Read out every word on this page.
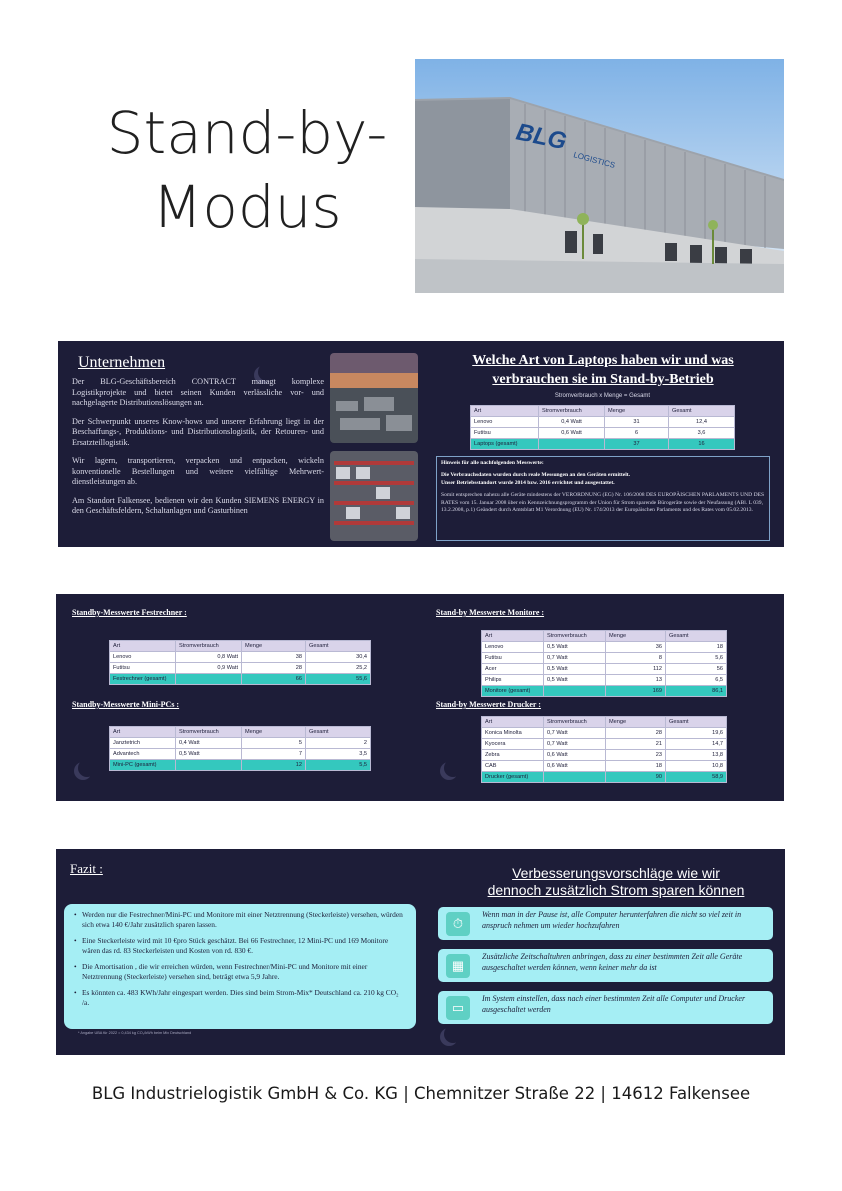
Stand-by-
Modus
BLG
LOGISTICS
Unternehmen

Der BLG-Geschäftsbereich CONTRACT managt komplexe Logistikprojekte und bietet seinen Kunden verlässliche vor- und nachgelagerte Distributionslösungen an.

Der Schwerpunkt unseres Know-hows und unserer Erfahrung liegt in der Beschaffungs-, Produktions- und Distributionslogistik, der Retouren- und Ersatzteillogistik.

Wir lagern, transportieren, verpacken und entpacken, wickeln konventionelle Bestellungen und weitere vielfältige Mehrwert-dienstleistungen ab.

Am Standort Falkensee, bedienen wir den Kunden SIEMENS ENERGY in den Geschäftsfeldern, Schaltanlagen und Gasturbinen

Welche Art von Laptops haben wir und was
verbrauchen sie im Stand-by-Betrieb
Stromverbrauch x Menge = Gesamt
Art	Stromverbrauch	Menge	Gesamt
Lenovo	0,4 Watt	31	12,4
Futitsu	0,6 Watt	6	3,6
Laptops (gesamt)		37	16

Hinweis für alle nachfolgenden Messwerte:

Die Verbrauchsdaten wurden durch reale Messungen an den Geräten ermittelt.
Unser Betriebsstandort wurde 2014 bzw. 2016 errichtet und ausgestattet.

Somit entsprechen nahezu alle Geräte mindestens der VERORDNUNG (EG) Nr. 106/2008 DES EUROPÄISCHEN PARLAMENTS UND DES RATES vom 15. Januar 2008 über ein Kennzeichnungsprogramm der Union für Strom sparende Bürogeräte sowie der Neufassung (ABl. L 039, 13.2.2008, p.1) Geändert durch Amtsblatt M1 Verordnung (EU) Nr. 174/2013 der Europäischen Parlaments und des Rates vom 05.02.2013.

Standby-Messwerte Festrechner :
Art	Stromverbrauch	Menge	Gesamt
Lenovo	0,8 Watt	38	30,4
Futitsu	0,9 Watt	28	25,2
Festrechner (gesamt)		66	55,6
Standby-Messwerte Mini-PCs :
Art	Stromverbrauch	Menge	Gesamt
Janztetrich	0,4 Watt	5	2
Advantech	0,5 Watt	7	3,5
Mini-PC (gesamt)		12	5,5
Stand-by Messwerte Monitore :
Art	Stromverbrauch	Menge	Gesamt
Lenovo	0,5 Watt	36	18
Futitsu	0,7 Watt	8	5,6
Acer	0,5 Watt	112	56
Philips	0,5 Watt	13	6,5
Monitore (gesamt)		169	86,1
Stand-by Messwerte Drucker :
Art	Stromverbrauch	Menge	Gesamt
Konica Minolta	0,7 Watt	28	19,6
Kyocera	0,7 Watt	21	14,7
Zebra	0,6 Watt	23	13,8
CAB	0,6 Watt	18	10,8
Drucker (gesamt)		90	58,9
Fazit :
• Werden nur die Festrechner/Mini-PC und Monitore mit einer Netztrennung (Steckerleiste) versehen, würden sich etwa 140 €/Jahr zusätzlich sparen lassen.
• Eine Steckerleiste wird mit 10 €pro Stück geschätzt. Bei 66 Festrechner, 12 Mini-PC und 169 Monitore wären das rd. 83 Steckerleisten und Kosten von rd. 830 €.
• Die Amortisation , die wir erreichen würden, wenn Festrechner/Mini-PC und Monitore mit einer Netztrennung (Steckerleiste) versehen sind, beträgt etwa 5,9 Jahre.
• Es könnten ca. 483 KWh/Jahr eingespart werden. Dies sind beim Strom-Mix* Deutschland ca. 210 kg CO₂ /a.
* Angabe UBA für 2022 = 0,434 kg CO₂/kWh beim Mix Deutschland
Verbesserungsvorschläge wie wir
dennoch zusätzlich Strom sparen können
⏱
Wenn man in der Pause ist, alle Computer herunterfahren die nicht so viel zeit in anspruch nehmen um wieder hochzufahren
▦
Zusätzliche Zeitschaltuhren anbringen, dass zu einer bestimmten Zeit alle Geräte ausgeschaltet werden können, wenn keiner mehr da ist
▭
Im System einstellen, dass nach einer bestimmten Zeit alle Computer und Drucker ausgeschaltet werden
BLG Industrielogistik GmbH & Co. KG | Chemnitzer Straße 22 | 14612 Falkensee
